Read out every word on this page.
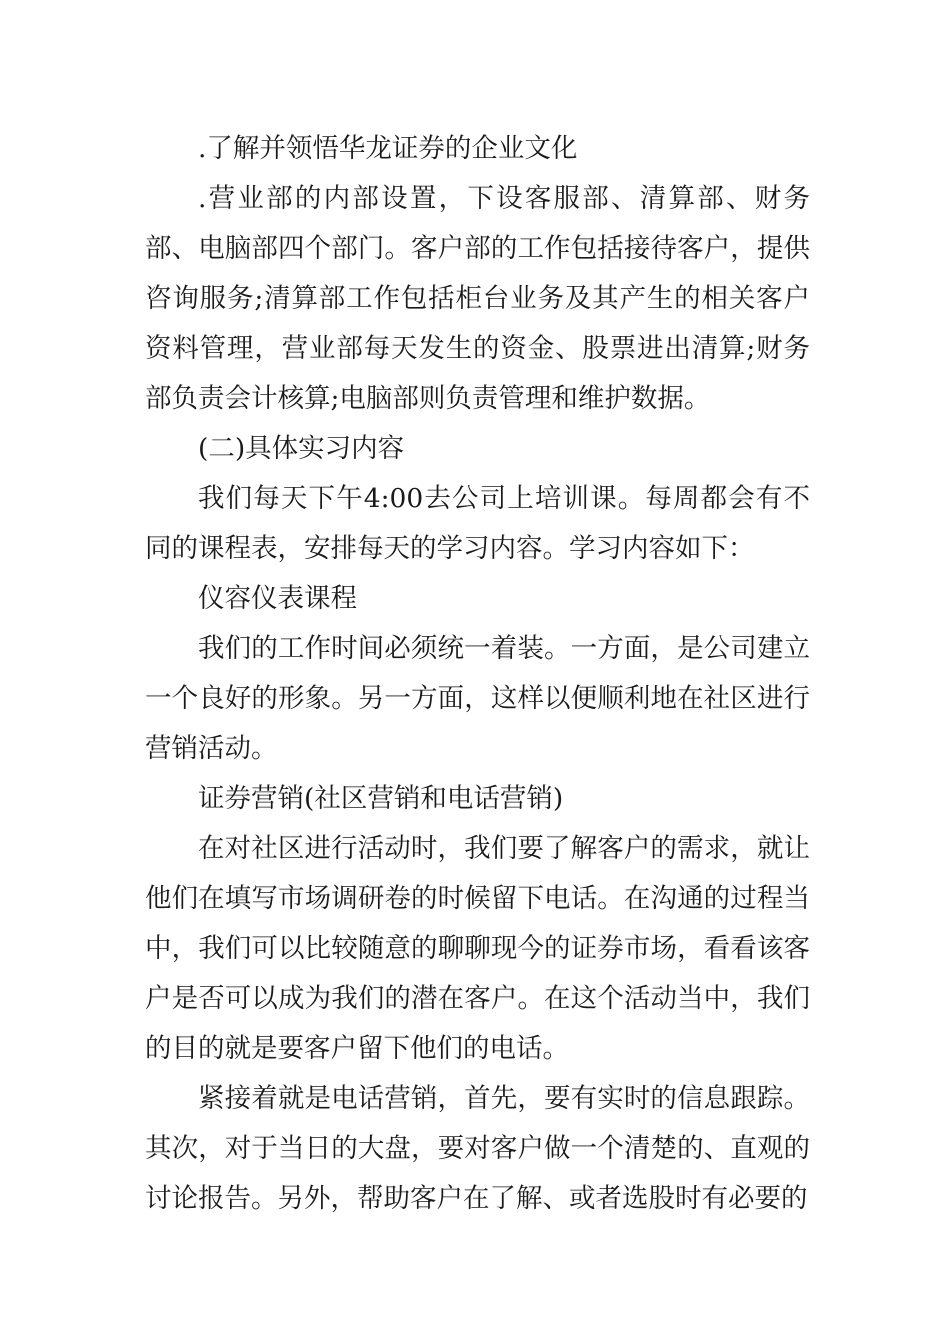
.了解并领悟华龙证券的企业文化

.营业部的内部设置，下设客服部、清算部、财务部、电脑部四个部门。客户部的工作包括接待客户，提供咨询服务;清算部工作包括柜台业务及其产生的相关客户资料管理，营业部每天发生的资金、股票进出清算;财务部负责会计核算;电脑部则负责管理和维护数据。

(二)具体实习内容

我们每天下午4:00去公司上培训课。每周都会有不同的课程表，安排每天的学习内容。学习内容如下：

仪容仪表课程

我们的工作时间必须统一着装。一方面，是公司建立一个良好的形象。另一方面，这样以便顺利地在社区进行营销活动。

证券营销(社区营销和电话营销)

在对社区进行活动时，我们要了解客户的需求，就让他们在填写市场调研卷的时候留下电话。在沟通的过程当中，我们可以比较随意的聊聊现今的证券市场，看看该客户是否可以成为我们的潜在客户。在这个活动当中，我们的目的就是要客户留下他们的电话。

紧接着就是电话营销，首先，要有实时的信息跟踪。其次，对于当日的大盘，要对客户做一个清楚的、直观的讨论报告。另外，帮助客户在了解、或者选股时有必要的
